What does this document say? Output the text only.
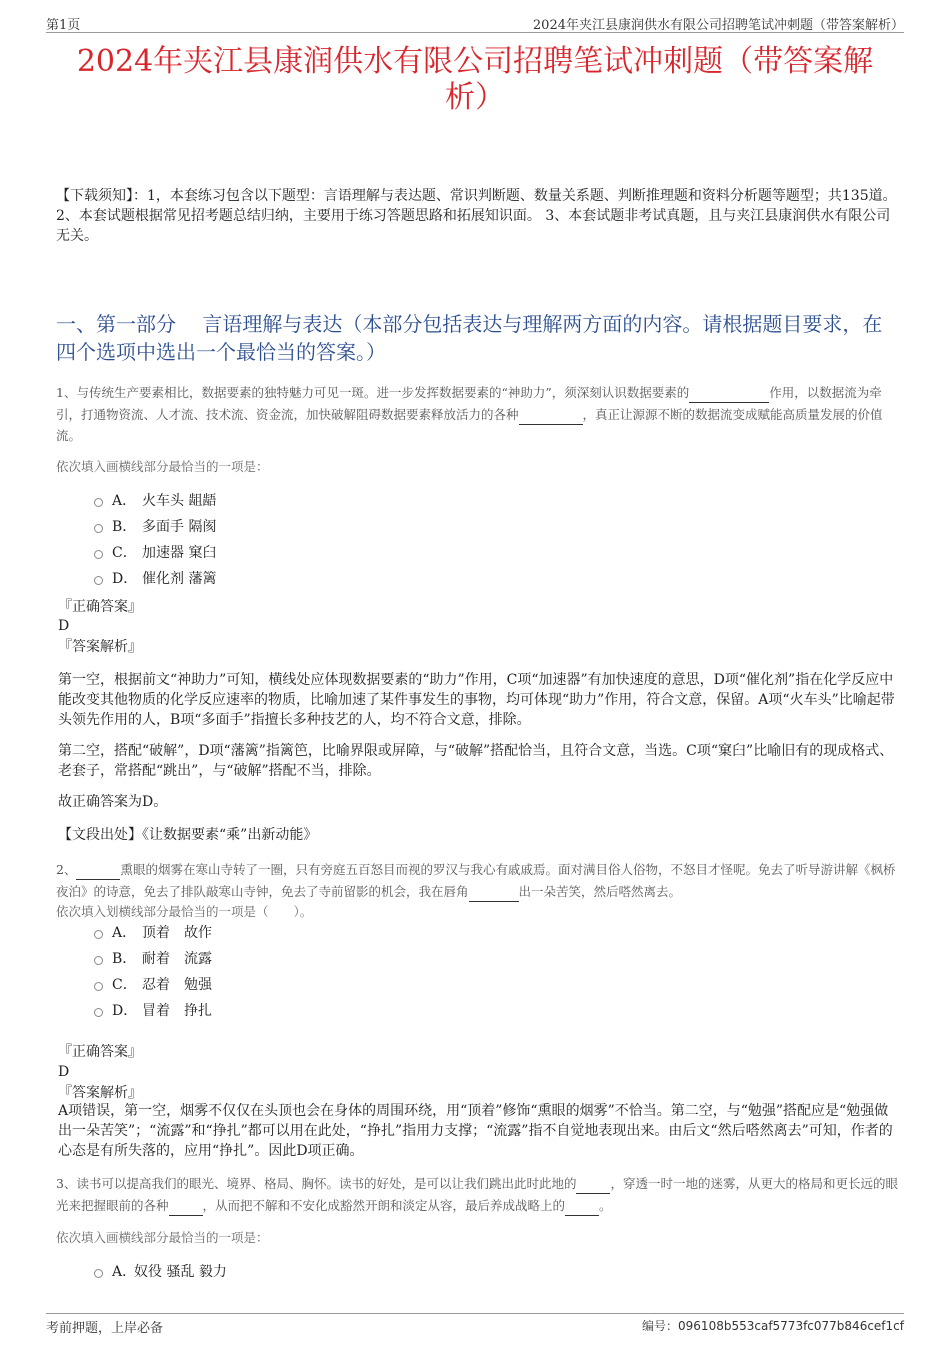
第1页	2024年夹江县康润供水有限公司招聘笔试冲刺题（带答案解析）
2024年夹江县康润供水有限公司招聘笔试冲刺题（带答案解析）

【下载须知】：1，本套练习包含以下题型：言语理解与表达题、常识判断题、数量关系题、判断推理题和资料分析题等题型；共135道。 2、本套试题根据常见招考题总结归纳，主要用于练习答题思路和拓展知识面。 3、本套试题非考试真题，且与夹江县康润供水有限公司无关。

一、第一部分　 言语理解与表达（本部分包括表达与理解两方面的内容。请根据题目要求，在四个选项中选出一个最恰当的答案。）

1、与传统生产要素相比，数据要素的独特魅力可见一斑。进一步发挥数据要素的“神助力”，须深刻认识数据要素的	作用，以数据流为牵引，打通物资流、人才流、技术流、资金流，加快破解阻碍数据要素释放活力的各种	，真正让源源不断的数据流变成赋能高质量发展的价值流。

依次填入画横线部分最恰当的一项是：

A． 火车头 龃龉
B． 多面手 隔阂
C． 加速器 窠臼
D． 催化剂 藩篱

『正确答案』

D

『答案解析』

第一空，根据前文“神助力”可知，横线处应体现数据要素的“助力”作用，C项“加速器”有加快速度的意思，D项“催化剂”指在化学反应中能改变其他物质的化学反应速率的物质，比喻加速了某件事发生的事物，均可体现“助力”作用，符合文意，保留。A项“火车头”比喻起带头领先作用的人，B项“多面手”指擅长多种技艺的人，均不符合文意，排除。

第二空，搭配“破解”，D项“藩篱”指篱笆，比喻界限或屏障，与“破解”搭配恰当，且符合文意，当选。C项“窠臼”比喻旧有的现成格式、老套子，常搭配“跳出”，与“破解”搭配不当，排除。

故正确答案为D。

【文段出处】《让数据要素“乘”出新动能》

2、	熏眼的烟雾在寒山寺转了一圈，只有旁庭五百怒目而视的罗汉与我心有戚戚焉。面对满目俗人俗物，不怒目才怪呢。免去了听导游讲解《枫桥夜泊》的诗意，免去了排队敲寒山寺钟，免去了寺前留影的机会，我在唇角	出一朵苦笑，然后嗒然离去。

依次填入划横线部分最恰当的一项是（　　）。

A． 顶着　故作
B． 耐着　流露
C． 忍着　勉强
D． 冒着　挣扎

『正确答案』

D

『答案解析』

A项错误，第一空，烟雾不仅仅在头顶也会在身体的周围环绕，用“顶着”修饰“熏眼的烟雾”不恰当。第二空，与“勉强”搭配应是“勉强做出一朵苦笑”；“流露”和“挣扎”都可以用在此处，“挣扎”指用力支撑；“流露”指不自觉地表现出来。由后文“然后嗒然离去”可知，作者的心态是有所失落的，应用“挣扎”。因此D项正确。

3、读书可以提高我们的眼光、境界、格局、胸怀。读书的好处，是可以让我们跳出此时此地的	，穿透一时一地的迷雾，从更大的格局和更长远的眼光来把握眼前的各种	，从而把不解和不安化成豁然开朗和淡定从容，最后养成战略上的	。

依次填入画横线部分最恰当的一项是：

A．奴役 骚乱 毅力
考前押题，上岸必备	编号：096108b553caf5773fc077b846cef1cf
